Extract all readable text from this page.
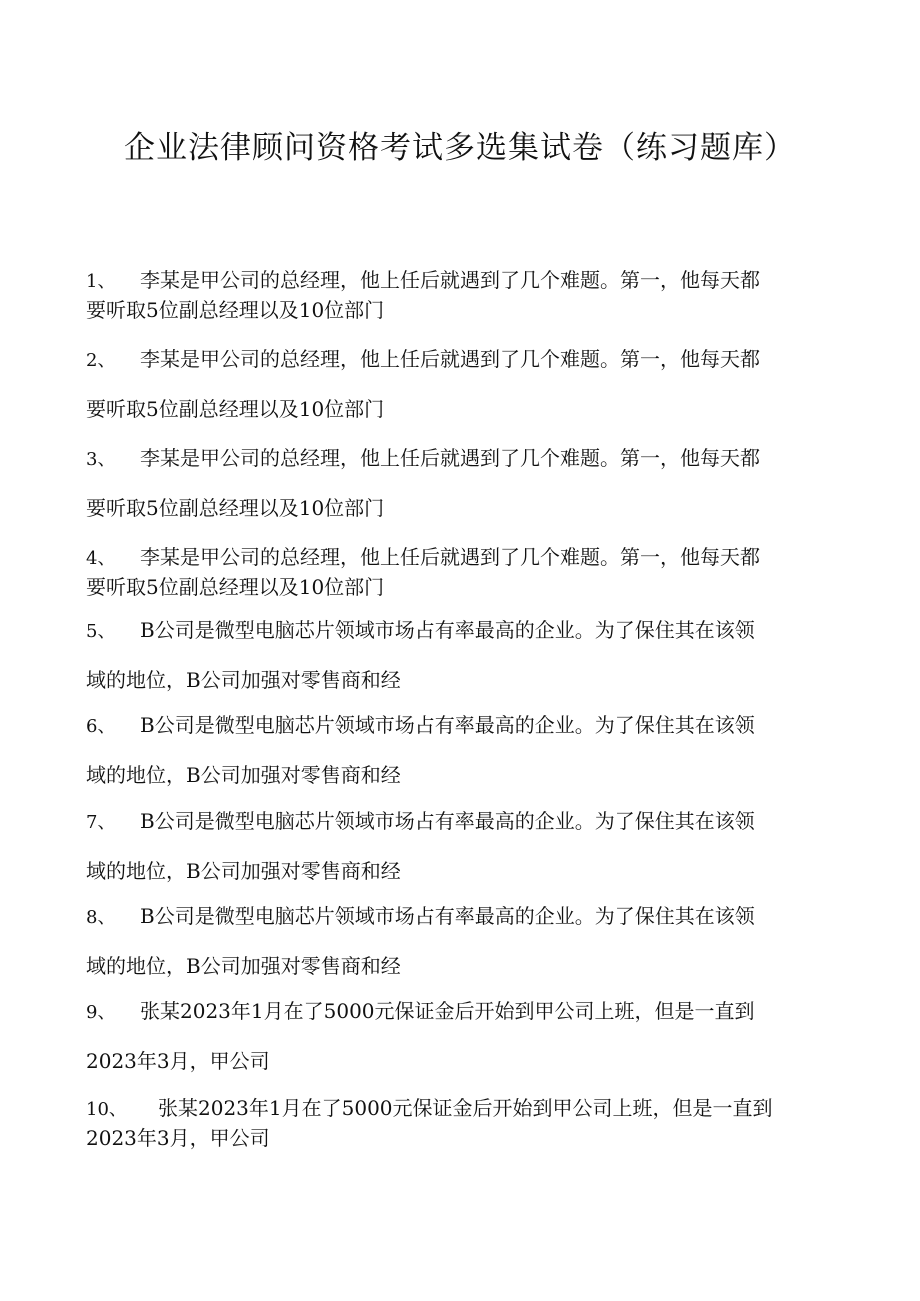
企业法律顾问资格考试多选集试卷（练习题库）
1、 李某是甲公司的总经理，他上任后就遇到了几个难题。第一，他每天都
要听取5位副总经理以及10位部门
2、 李某是甲公司的总经理，他上任后就遇到了几个难题。第一，他每天都
要听取5位副总经理以及10位部门
3、 李某是甲公司的总经理，他上任后就遇到了几个难题。第一，他每天都
要听取5位副总经理以及10位部门
4、 李某是甲公司的总经理，他上任后就遇到了几个难题。第一，他每天都
要听取5位副总经理以及10位部门
5、 B公司是微型电脑芯片领域市场占有率最高的企业。为了保住其在该领
域的地位，B公司加强对零售商和经
6、 B公司是微型电脑芯片领域市场占有率最高的企业。为了保住其在该领
域的地位，B公司加强对零售商和经
7、 B公司是微型电脑芯片领域市场占有率最高的企业。为了保住其在该领
域的地位，B公司加强对零售商和经
8、 B公司是微型电脑芯片领域市场占有率最高的企业。为了保住其在该领
域的地位，B公司加强对零售商和经
9、 张某2023年1月在了5000元保证金后开始到甲公司上班，但是一直到
2023年3月，甲公司
10、 张某2023年1月在了5000元保证金后开始到甲公司上班，但是一直到
2023年3月，甲公司
